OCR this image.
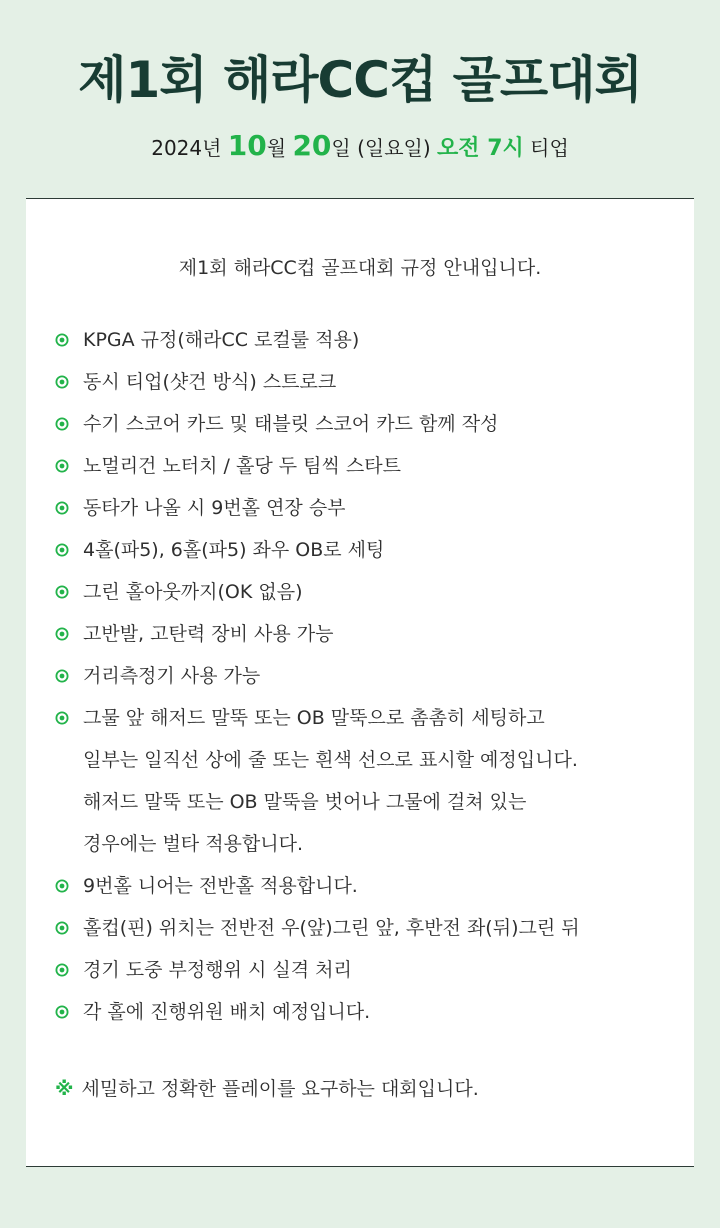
제1회 해라CC컵 골프대회
2024년 10월 20일 (일요일) 오전 7시 티업
제1회 해라CC컵 골프대회 규정 안내입니다.
KPGA 규정(해라CC 로컬룰 적용)
동시 티업(샷건 방식) 스트로크
수기 스코어 카드 및 태블릿 스코어 카드 함께 작성
노멀리건 노터치 / 홀당 두 팀씩 스타트
동타가 나올 시 9번홀 연장 승부
4홀(파5), 6홀(파5) 좌우 OB로 세팅
그린 홀아웃까지(OK 없음)
고반발, 고탄력 장비 사용 가능
거리측정기 사용 가능
그물 앞 해저드 말뚝 또는 OB 말뚝으로 촘촘히 세팅하고
일부는 일직선 상에 줄 또는 흰색 선으로 표시할 예정입니다.
해저드 말뚝 또는 OB 말뚝을 벗어나 그물에 걸쳐 있는
경우에는 벌타 적용합니다.
9번홀 니어는 전반홀 적용합니다.
홀컵(핀) 위치는 전반전 우(앞)그린 앞, 후반전 좌(뒤)그린 뒤
경기 도중 부정행위 시 실격 처리
각 홀에 진행위원 배치 예정입니다.
※ 세밀하고 정확한 플레이를 요구하는 대회입니다.
